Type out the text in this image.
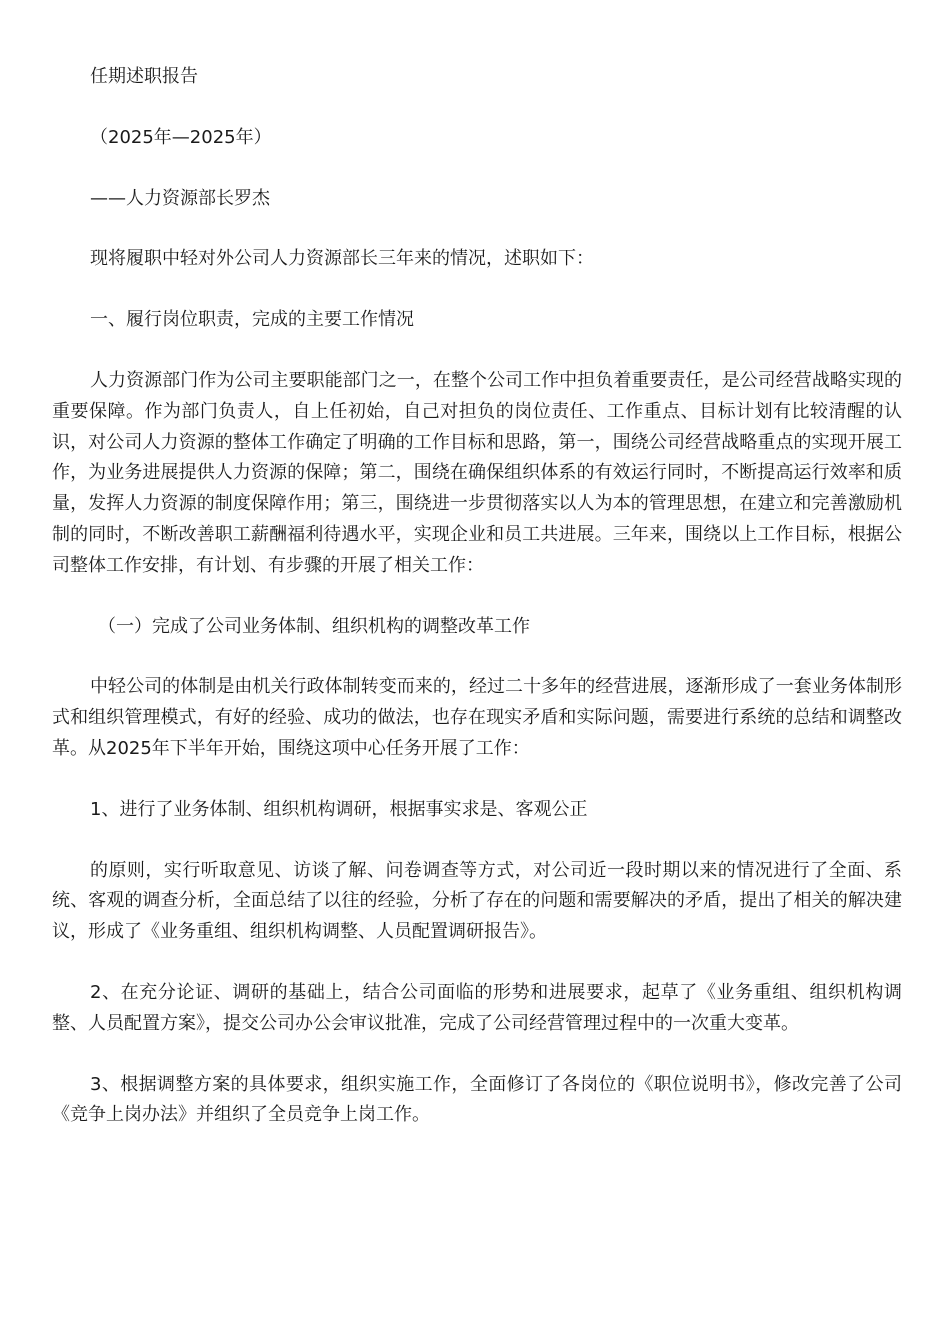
任期述职报告

（2025年—2025年）

——人力资源部长罗杰

现将履职中轻对外公司人力资源部长三年来的情况，述职如下：

一、履行岗位职责，完成的主要工作情况

人力资源部门作为公司主要职能部门之一，在整个公司工作中担负着重要责任，是公司经营战略实现的重要保障。作为部门负责人，自上任初始，自己对担负的岗位责任、工作重点、目标计划有比较清醒的认识，对公司人力资源的整体工作确定了明确的工作目标和思路，第一，围绕公司经营战略重点的实现开展工作，为业务进展提供人力资源的保障；第二，围绕在确保组织体系的有效运行同时，不断提高运行效率和质量，发挥人力资源的制度保障作用；第三，围绕进一步贯彻落实以人为本的管理思想，在建立和完善激励机制的同时，不断改善职工薪酬福利待遇水平，实现企业和员工共进展。三年来，围绕以上工作目标，根据公司整体工作安排，有计划、有步骤的开展了相关工作：

（一）完成了公司业务体制、组织机构的调整改革工作

中轻公司的体制是由机关行政体制转变而来的，经过二十多年的经营进展，逐渐形成了一套业务体制形式和组织管理模式，有好的经验、成功的做法，也存在现实矛盾和实际问题，需要进行系统的总结和调整改革。从2025年下半年开始，围绕这项中心任务开展了工作：

1、进行了业务体制、组织机构调研，根据事实求是、客观公正

的原则，实行听取意见、访谈了解、问卷调查等方式，对公司近一段时期以来的情况进行了全面、系统、客观的调查分析，全面总结了以往的经验，分析了存在的问题和需要解决的矛盾，提出了相关的解决建议，形成了《业务重组、组织机构调整、人员配置调研报告》。

2、在充分论证、调研的基础上，结合公司面临的形势和进展要求，起草了《业务重组、组织机构调整、人员配置方案》，提交公司办公会审议批准，完成了公司经营管理过程中的一次重大变革。

3、根据调整方案的具体要求，组织实施工作，全面修订了各岗位的《职位说明书》，修改完善了公司《竞争上岗办法》并组织了全员竞争上岗工作。
